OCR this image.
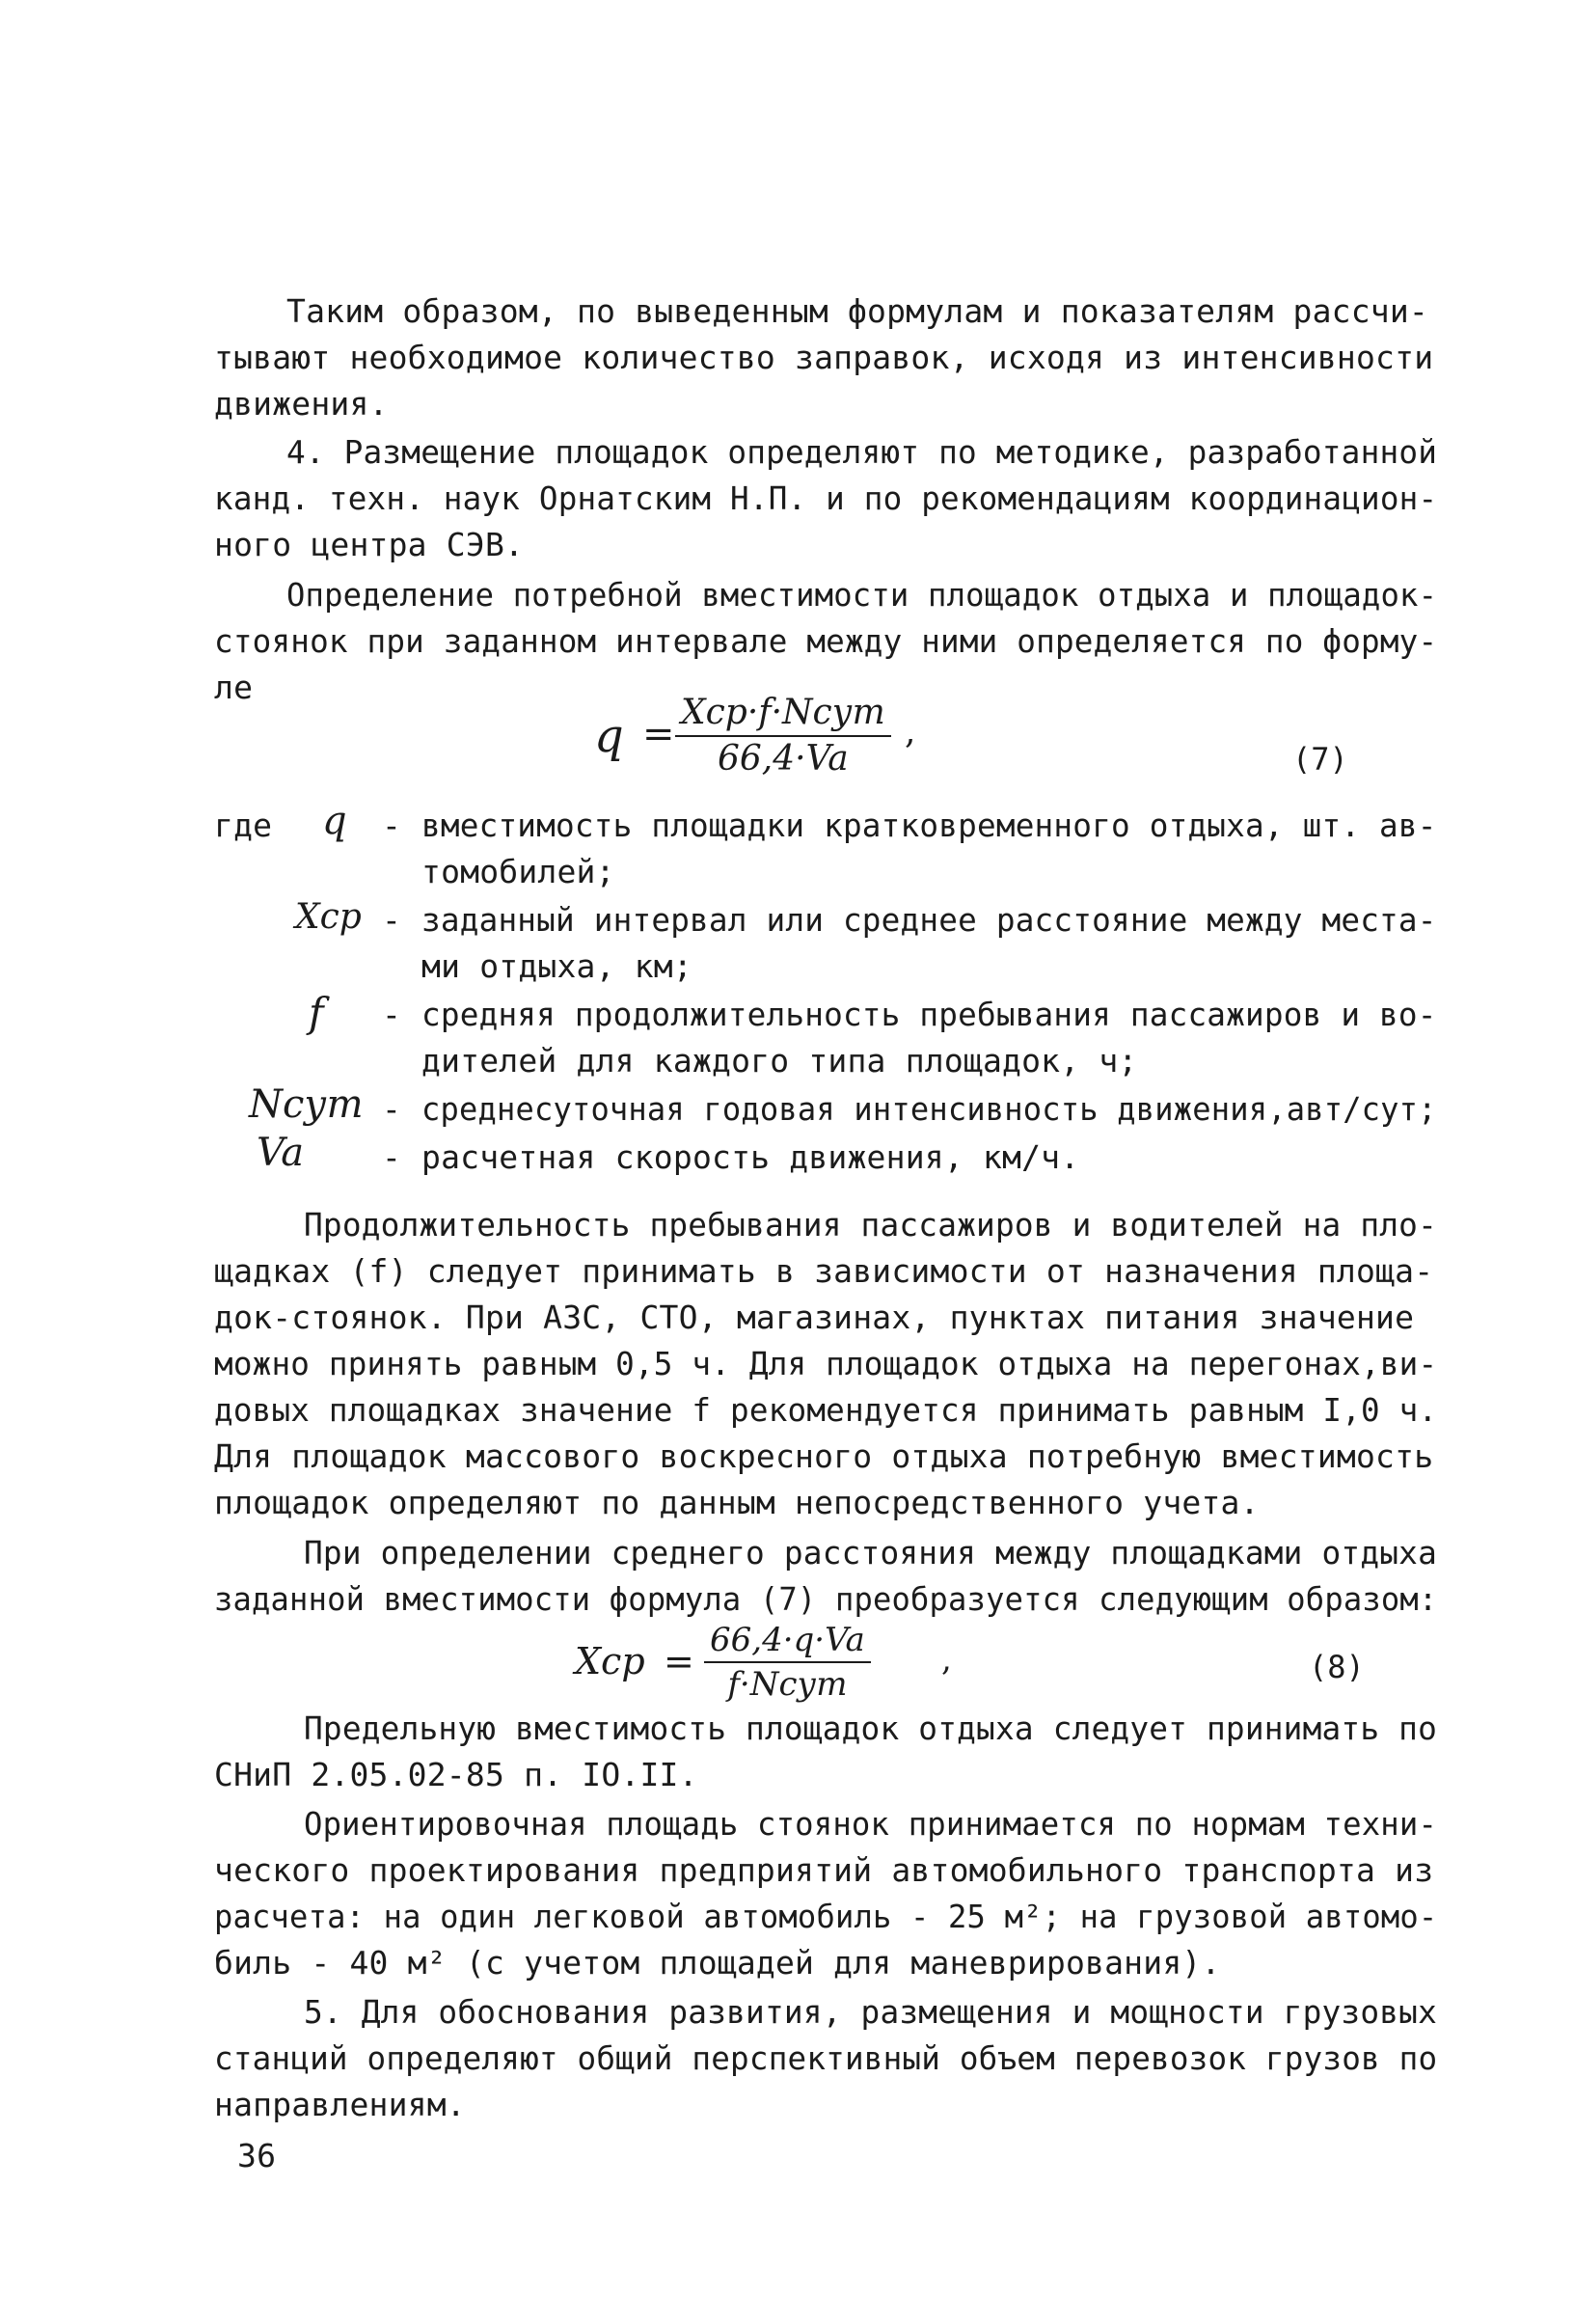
Таким образом, по выведенным формулам и показателям рассчи-
тывают необходимое количество заправок, исходя из интенсивности
движения.
4. Размещение площадок определяют по методике, разработанной
канд. техн. наук Орнатским Н.П. и по рекомендациям координацион-
ного центра СЭВ.
Определение потребной вместимости площадок отдыха и площадок-
стоянок при заданном интервале между ними определяется по форму-
ле
q = Xср·f·Nсут
66,4·Va
,
(7)
где q - вместимость площадки кратковременного отдыха, шт. ав-
томобилей;
Xср - заданный интервал или среднее расстояние между места-
ми отдыха, км;
f - средняя продолжительность пребывания пассажиров и во-
дителей для каждого типа площадок, ч;
Nсут - среднесуточная годовая интенсивность движения,авт/сут;
Va - расчетная скорость движения, км/ч.
Продолжительность пребывания пассажиров и водителей на пло-
щадках (f) следует принимать в зависимости от назначения площа-
док-стоянок. При АЗС, СТО, магазинах, пунктах питания значение
можно принять равным 0,5 ч. Для площадок отдыха на перегонах,ви-
довых площадках значение f рекомендуется принимать равным I,0 ч.
Для площадок массового воскресного отдыха потребную вместимость
площадок определяют по данным непосредственного учета.
При определении среднего расстояния между площадками отдыха
заданной вместимости формула (7) преобразуется следующим образом:
Xср = 66,4·q·Va
f·Nсут
,	(8)
Предельную вместимость площадок отдыха следует принимать по
СНиП 2.05.02-85 п. IO.II.
Ориентировочная площадь стоянок принимается по нормам техни-
ческого проектирования предприятий автомобильного транспорта из
расчета: на один легковой автомобиль - 25 м²; на грузовой автомо-
биль - 40 м² (с учетом площадей для маневрирования).
5. Для обоснования развития, размещения и мощности грузовых
станций определяют общий перспективный объем перевозок грузов по
направлениям.
36
